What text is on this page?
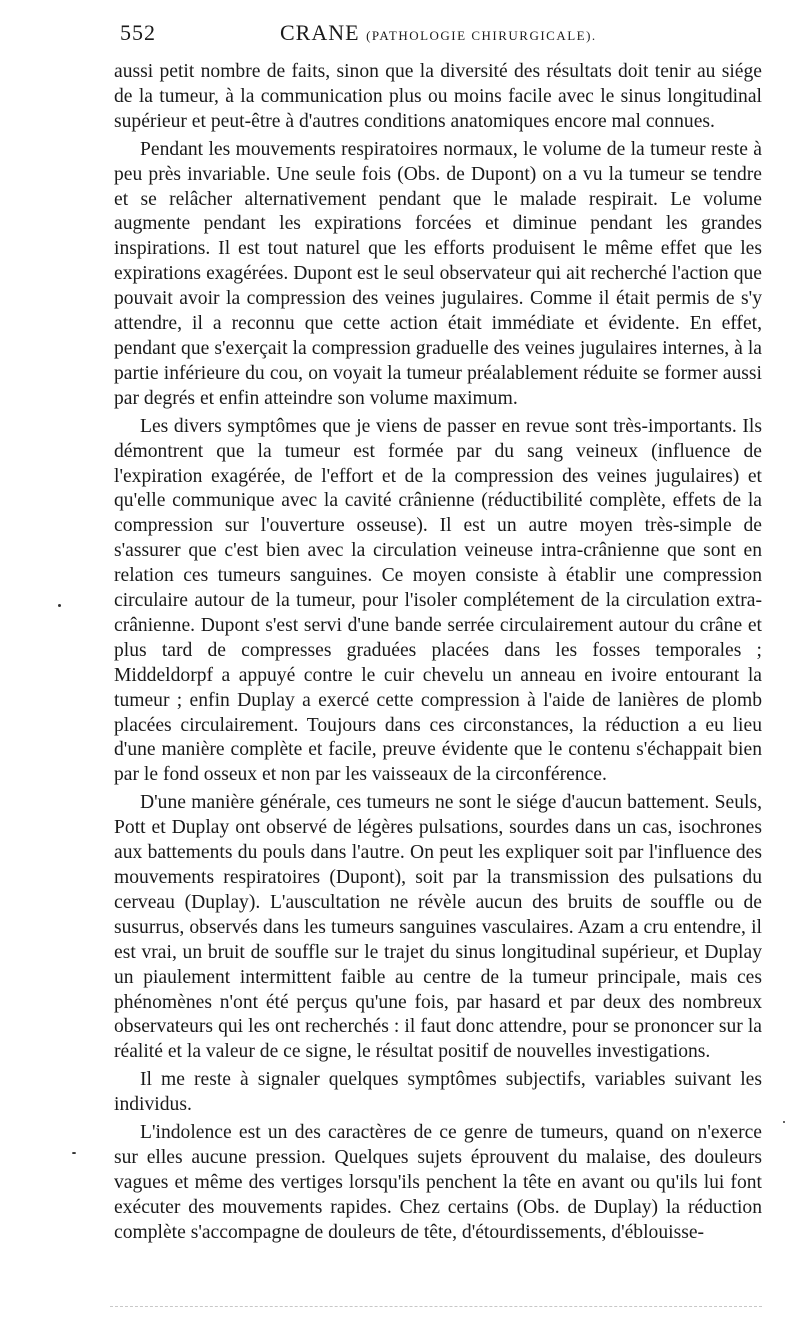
552	CRANE (PATHOLOGIE CHIRURGICALE).

aussi petit nombre de faits, sinon que la diversité des résultats doit tenir au siége de la tumeur, à la communication plus ou moins facile avec le sinus longitudinal supérieur et peut-être à d'autres conditions anatomiques encore mal connues.

Pendant les mouvements respiratoires normaux, le volume de la tumeur reste à peu près invariable. Une seule fois (Obs. de Dupont) on a vu la tumeur se tendre et se relâcher alternativement pendant que le malade respirait. Le volume augmente pendant les expirations forcées et diminue pendant les grandes inspirations. Il est tout naturel que les efforts produisent le même effet que les expirations exagérées. Dupont est le seul observateur qui ait recherché l'action que pouvait avoir la compression des veines jugulaires. Comme il était permis de s'y attendre, il a reconnu que cette action était immédiate et évidente. En effet, pendant que s'exerçait la compression graduelle des veines jugulaires internes, à la partie inférieure du cou, on voyait la tumeur préalablement réduite se former aussi par degrés et enfin atteindre son volume maximum.

Les divers symptômes que je viens de passer en revue sont très-importants. Ils démontrent que la tumeur est formée par du sang veineux (influence de l'expiration exagérée, de l'effort et de la compression des veines jugulaires) et qu'elle communique avec la cavité crânienne (réductibilité complète, effets de la compression sur l'ouverture osseuse). Il est un autre moyen très-simple de s'assurer que c'est bien avec la circulation veineuse intra-crânienne que sont en relation ces tumeurs sanguines. Ce moyen consiste à établir une compression circulaire autour de la tumeur, pour l'isoler complétement de la circulation extra-crânienne. Dupont s'est servi d'une bande serrée circulairement autour du crâne et plus tard de compresses graduées placées dans les fosses temporales ; Middeldorpf a appuyé contre le cuir chevelu un anneau en ivoire entourant la tumeur ; enfin Duplay a exercé cette compression à l'aide de lanières de plomb placées circulairement. Toujours dans ces circonstances, la réduction a eu lieu d'une manière complète et facile, preuve évidente que le contenu s'échappait bien par le fond osseux et non par les vaisseaux de la circonférence.

D'une manière générale, ces tumeurs ne sont le siége d'aucun battement. Seuls, Pott et Duplay ont observé de légères pulsations, sourdes dans un cas, isochrones aux battements du pouls dans l'autre. On peut les expliquer soit par l'influence des mouvements respiratoires (Dupont), soit par la transmission des pulsations du cerveau (Duplay). L'auscultation ne révèle aucun des bruits de souffle ou de susurrus, observés dans les tumeurs sanguines vasculaires. Azam a cru entendre, il est vrai, un bruit de souffle sur le trajet du sinus longitudinal supérieur, et Duplay un piaulement intermittent faible au centre de la tumeur principale, mais ces phénomènes n'ont été perçus qu'une fois, par hasard et par deux des nombreux observateurs qui les ont recherchés : il faut donc attendre, pour se prononcer sur la réalité et la valeur de ce signe, le résultat positif de nouvelles investigations.

Il me reste à signaler quelques symptômes subjectifs, variables suivant les individus.

L'indolence est un des caractères de ce genre de tumeurs, quand on n'exerce sur elles aucune pression. Quelques sujets éprouvent du malaise, des douleurs vagues et même des vertiges lorsqu'ils penchent la tête en avant ou qu'ils lui font exécuter des mouvements rapides. Chez certains (Obs. de Duplay) la réduction complète s'accompagne de douleurs de tête, d'étourdissements, d'éblouisse-
